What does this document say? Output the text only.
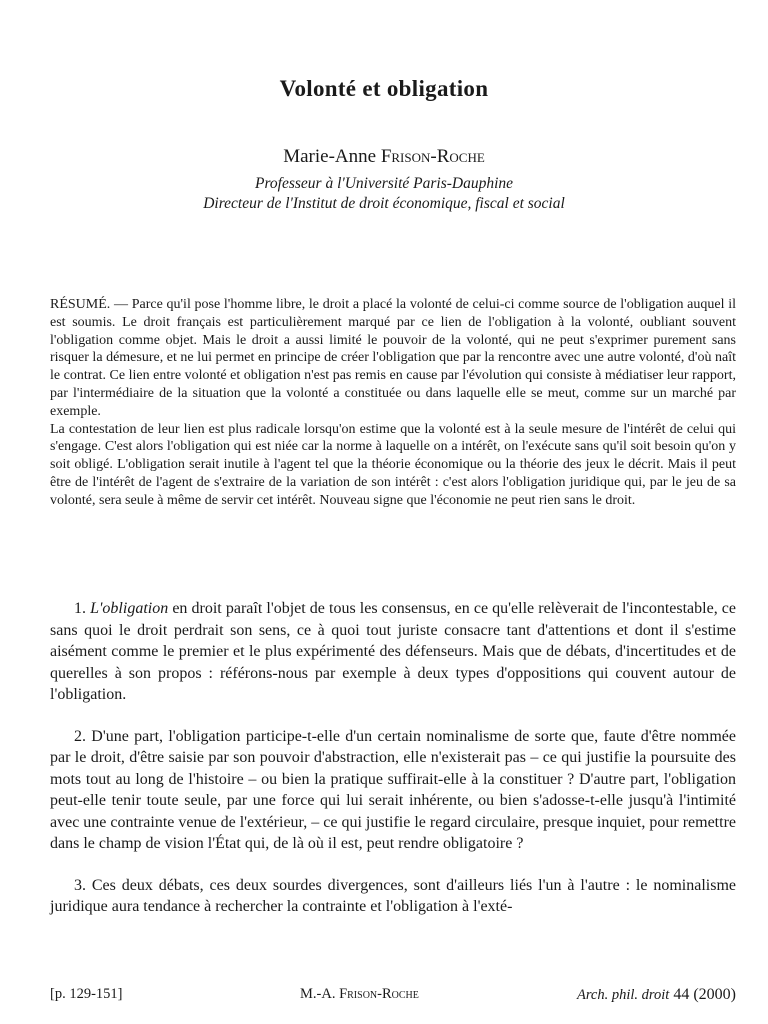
Volonté et obligation
Marie-Anne Frison-Roche
Professeur à l'Université Paris-Dauphine
Directeur de l'Institut de droit économique, fiscal et social

RÉSUMÉ. — Parce qu'il pose l'homme libre, le droit a placé la volonté de celui-ci comme source de l'obligation auquel il est soumis. Le droit français est particulièrement marqué par ce lien de l'obligation à la volonté, oubliant souvent l'obligation comme objet. Mais le droit a aussi limité le pouvoir de la volonté, qui ne peut s'exprimer purement sans risquer la démesure, et ne lui permet en principe de créer l'obligation que par la rencontre avec une autre volonté, d'où naît le contrat. Ce lien entre volonté et obligation n'est pas remis en cause par l'évolution qui consiste à médiatiser leur rapport, par l'intermédiaire de la situation que la volonté a constituée ou dans laquelle elle se meut, comme sur un marché par exemple.

La contestation de leur lien est plus radicale lorsqu'on estime que la volonté est à la seule mesure de l'intérêt de celui qui s'engage. C'est alors l'obligation qui est niée car la norme à laquelle on a intérêt, on l'exécute sans qu'il soit besoin qu'on y soit obligé. L'obligation serait inutile à l'agent tel que la théorie économique ou la théorie des jeux le décrit. Mais il peut être de l'intérêt de l'agent de s'extraire de la variation de son intérêt : c'est alors l'obligation juridique qui, par le jeu de sa volonté, sera seule à même de servir cet intérêt. Nouveau signe que l'économie ne peut rien sans le droit.

1. L'obligation en droit paraît l'objet de tous les consensus, en ce qu'elle relèverait de l'incontestable, ce sans quoi le droit perdrait son sens, ce à quoi tout juriste consacre tant d'attentions et dont il s'estime aisément comme le premier et le plus expérimenté des défenseurs. Mais que de débats, d'incertitudes et de querelles à son propos : référons-nous par exemple à deux types d'oppositions qui couvent autour de l'obligation.

2. D'une part, l'obligation participe-t-elle d'un certain nominalisme de sorte que, faute d'être nommée par le droit, d'être saisie par son pouvoir d'abstraction, elle n'existerait pas – ce qui justifie la poursuite des mots tout au long de l'histoire – ou bien la pratique suffirait-elle à la constituer ? D'autre part, l'obligation peut-elle tenir toute seule, par une force qui lui serait inhérente, ou bien s'adosse-t-elle jusqu'à l'intimité avec une contrainte venue de l'extérieur, – ce qui justifie le regard circulaire, presque inquiet, pour remettre dans le champ de vision l'État qui, de là où il est, peut rendre obligatoire ?

3. Ces deux débats, ces deux sourdes divergences, sont d'ailleurs liés l'un à l'autre : le nominalisme juridique aura tendance à rechercher la contrainte et l'obligation à l'exté-

[p. 129-151]	M.-A. Frison-Roche	Arch. phil. droit 44 (2000)
